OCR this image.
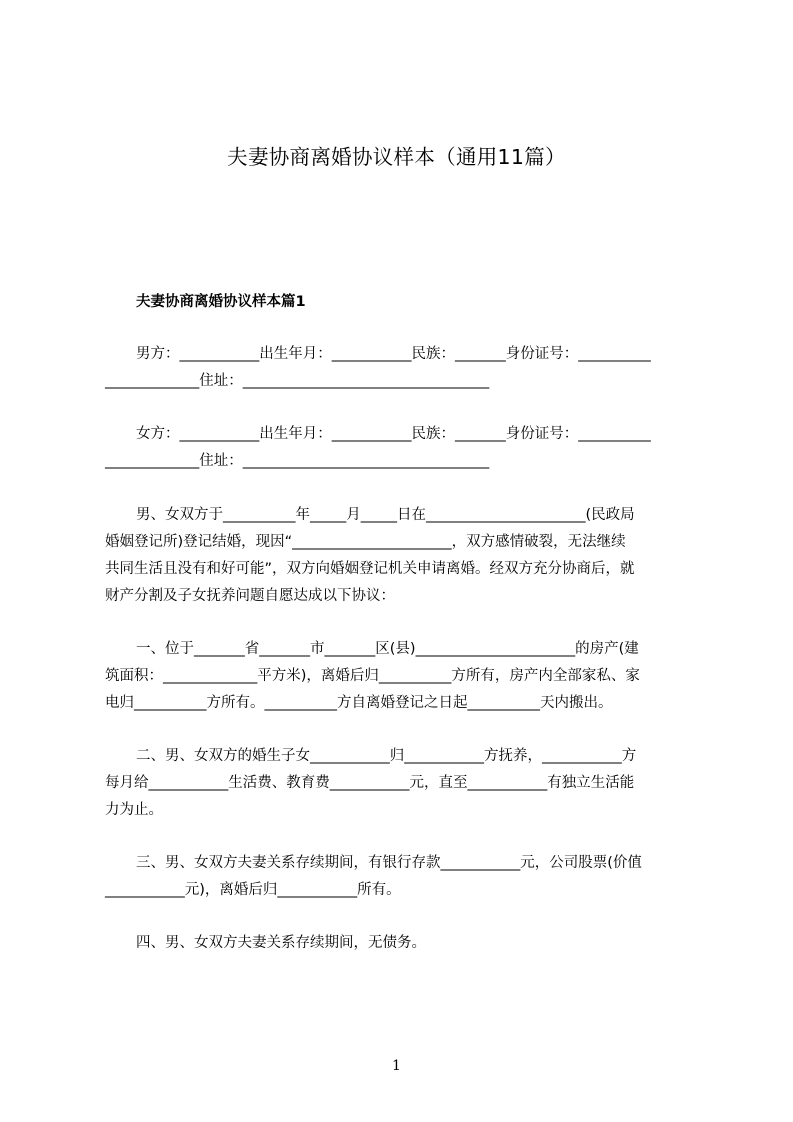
夫妻协商离婚协议样本（通用11篇）
夫妻协商离婚协议样本篇1
男方：___________出生年月：___________民族：_______身份证号：__________
_____________住址：__________________________________
女方：___________出生年月：___________民族：_______身份证号：__________
_____________住址：__________________________________
男、女双方于__________年_____月_____日在______________________(民政局
婚姻登记所)登记结婚，现因“______________________，双方感情破裂，无法继续
共同生活且没有和好可能”，双方向婚姻登记机关申请离婚。经双方充分协商后，就
财产分割及子女抚养问题自愿达成以下协议：
一、位于_______省_______市_______区(县)______________________的房产(建
筑面积：_____________平方米)，离婚后归__________方所有，房产内全部家私、家
电归__________方所有。__________方自离婚登记之日起__________天内搬出。
二、男、女双方的婚生子女___________归___________方抚养，___________方
每月给___________生活费、教育费___________元，直至___________有独立生活能
力为止。
三、男、女双方夫妻关系存续期间，有银行存款___________元，公司股票(价值
___________元)，离婚后归___________所有。
四、男、女双方夫妻关系存续期间，无债务。
1
